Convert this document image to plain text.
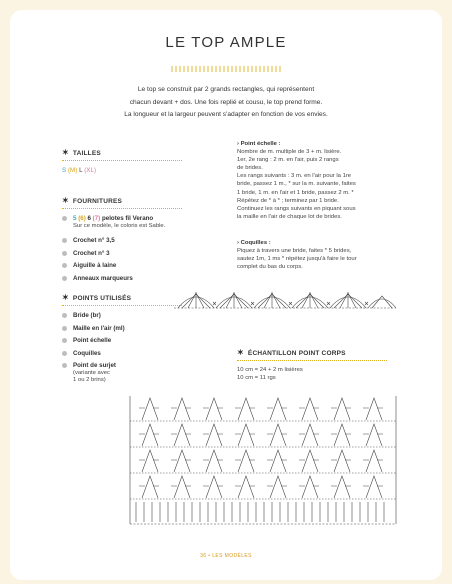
LE TOP AMPLE
Le top se construit par 2 grands rectangles, qui représentent
chacun devant + dos. Une fois replié et cousu, le top prend forme.
La longueur et la largeur peuvent s'adapter en fonction de vos envies.
✶ TAILLES
S (M) L (XL)
✶ FOURNITURES
5 (6) 6 (7) pelotes fil Verano
Sur ce modèle, le coloris est Sable.
Crochet n° 3,5
Crochet n° 3
Aiguille à laine
Anneaux marqueurs
✶ POINTS UTILISÉS
Bride (br)
Maille en l'air (ml)
Point échelle
Coquilles
Point de surjet
(variante avec
1 ou 2 brins)
› Point échelle :
Nombre de m. multiple de 3 + m. lisière.
1er, 2e rang : 2 m. en l'air, puis 2 rangs
de brides.
Les rangs suivants : 3 m. en l'air pour la 1re
bride, passez 1 m., * sur la m. suivante, faites
1 bride, 1 m. en l'air et 1 bride, passez 2 m. *
Répétez de * à * ; terminez par 1 bride.
Continuez les rangs suivants en piquant sous
la maille en l'air de chaque lot de brides.
› Coquilles :
Piquez à travers une bride, faites * 5 brides,
sautez 1m, 1 ms * répétez jusqu'à faire le tour
complet du bas du corps.
✶ ÉCHANTILLON POINT CORPS
10 cm = 24 + 2 m lisières
10 cm = 11 rgs
36 • LES MODÈLES
